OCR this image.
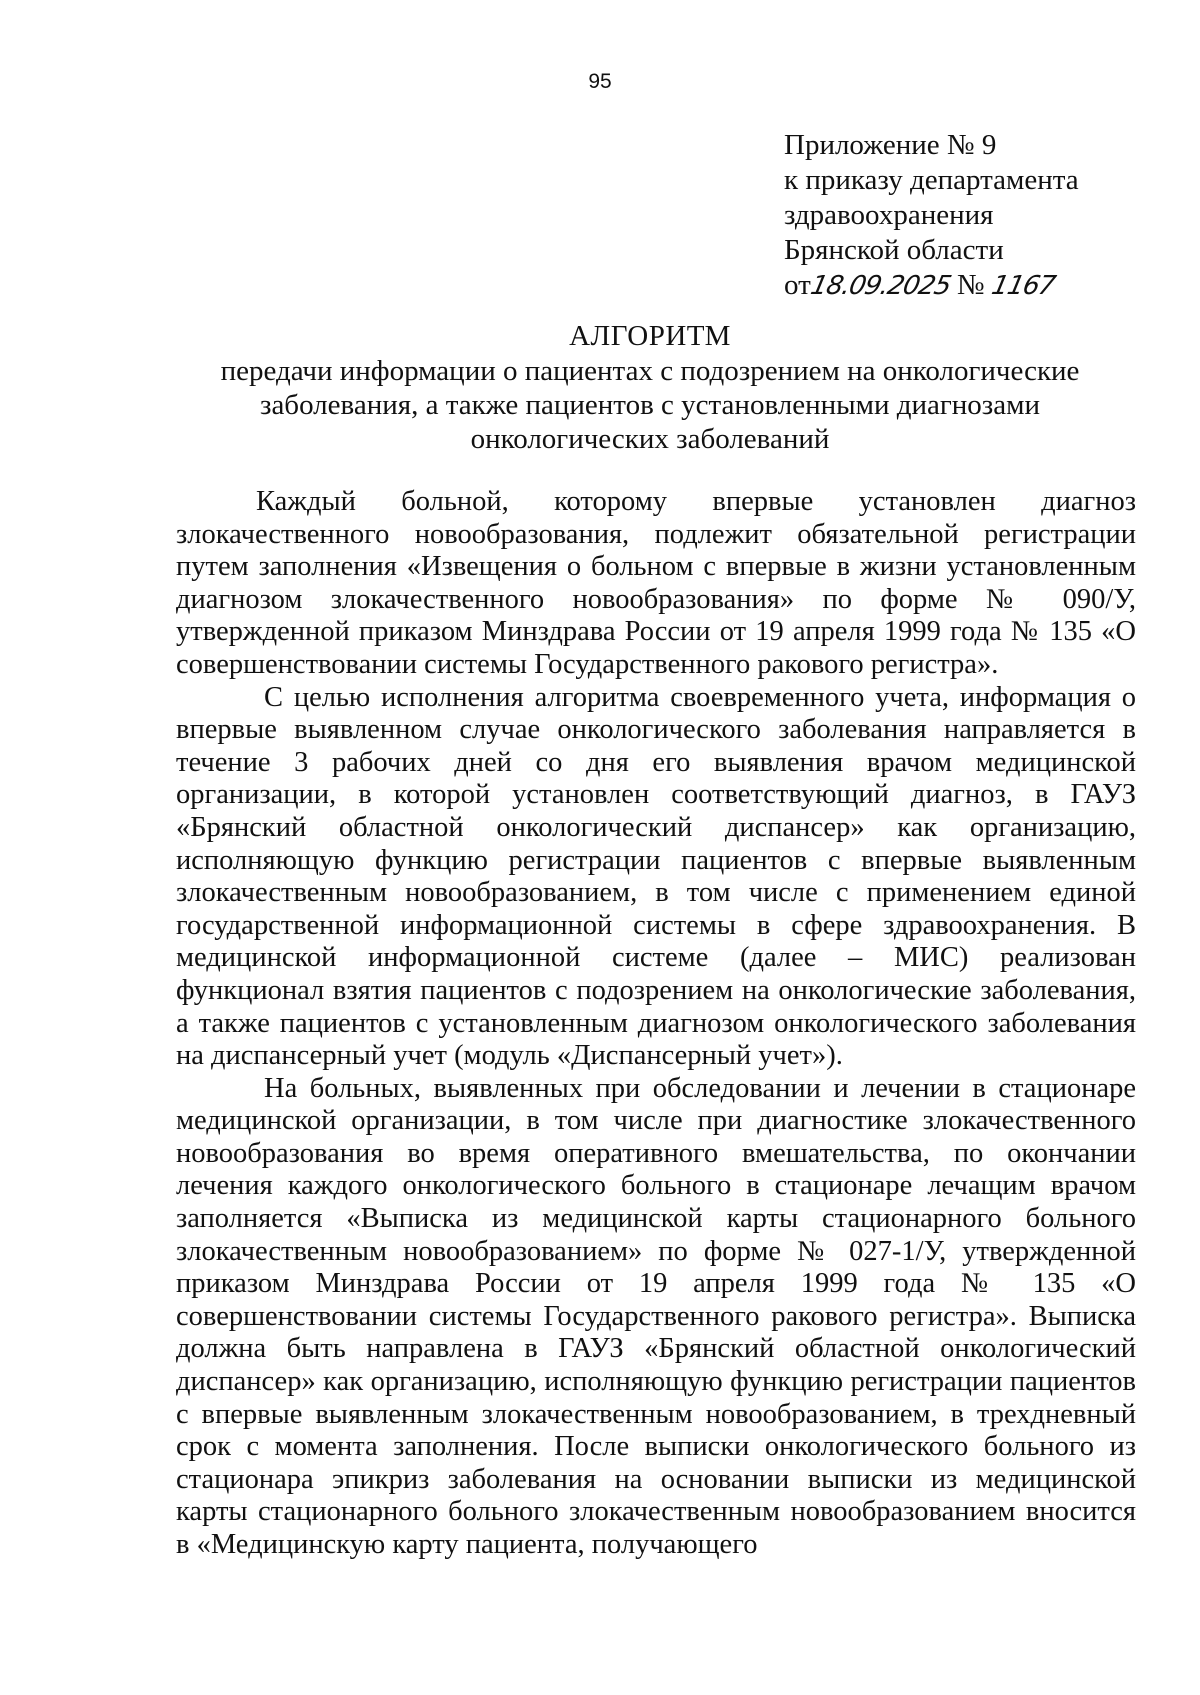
95
Приложение № 9
к приказу департамента
здравоохранения
Брянской области
от18.09.2025 № 1167
АЛГОРИТМ
передачи информации о пациентах с подозрением на онкологические заболевания, а также пациентов с установленными диагнозами онкологических заболеваний

Каждый больной, которому впервые установлен диагноз злокачественного новообразования, подлежит обязательной регистрации путем заполнения «Извещения о больном с впервые в жизни установленным диагнозом злокачественного новообразования» по форме № 090/У, утвержденной приказом Минздрава России от 19 апреля 1999 года № 135 «О совершенствовании системы Государственного ракового регистра».

С целью исполнения алгоритма своевременного учета, информация о впервые выявленном случае онкологического заболевания направляется в течение 3 рабочих дней со дня его выявления врачом медицинской организации, в которой установлен соответствующий диагноз, в ГАУЗ «Брянский областной онкологический диспансер» как организацию, исполняющую функцию регистрации пациентов с впервые выявленным злокачественным новообразованием, в том числе с применением единой государственной информационной системы в сфере здравоохранения. В медицинской информационной системе (далее – МИС) реализован функционал взятия пациентов с подозрением на онкологические заболевания, а также пациентов с установленным диагнозом онкологического заболевания на диспансерный учет (модуль «Диспансерный учет»).

На больных, выявленных при обследовании и лечении в стационаре медицинской организации, в том числе при диагностике злокачественного новообразования во время оперативного вмешательства, по окончании лечения каждого онкологического больного в стационаре лечащим врачом заполняется «Выписка из медицинской карты стационарного больного злокачественным новообразованием» по форме № 027-1/У, утвержденной приказом Минздрава России от 19 апреля 1999 года № 135 «О совершенствовании системы Государственного ракового регистра». Выписка должна быть направлена в ГАУЗ «Брянский областной онкологический диспансер» как организацию, исполняющую функцию регистрации пациентов с впервые выявленным злокачественным новообразованием, в трехдневный срок с момента заполнения. После выписки онкологического больного из стационара эпикриз заболевания на основании выписки из медицинской карты стационарного больного злокачественным новообразованием вносится в «Медицинскую карту пациента, получающего
